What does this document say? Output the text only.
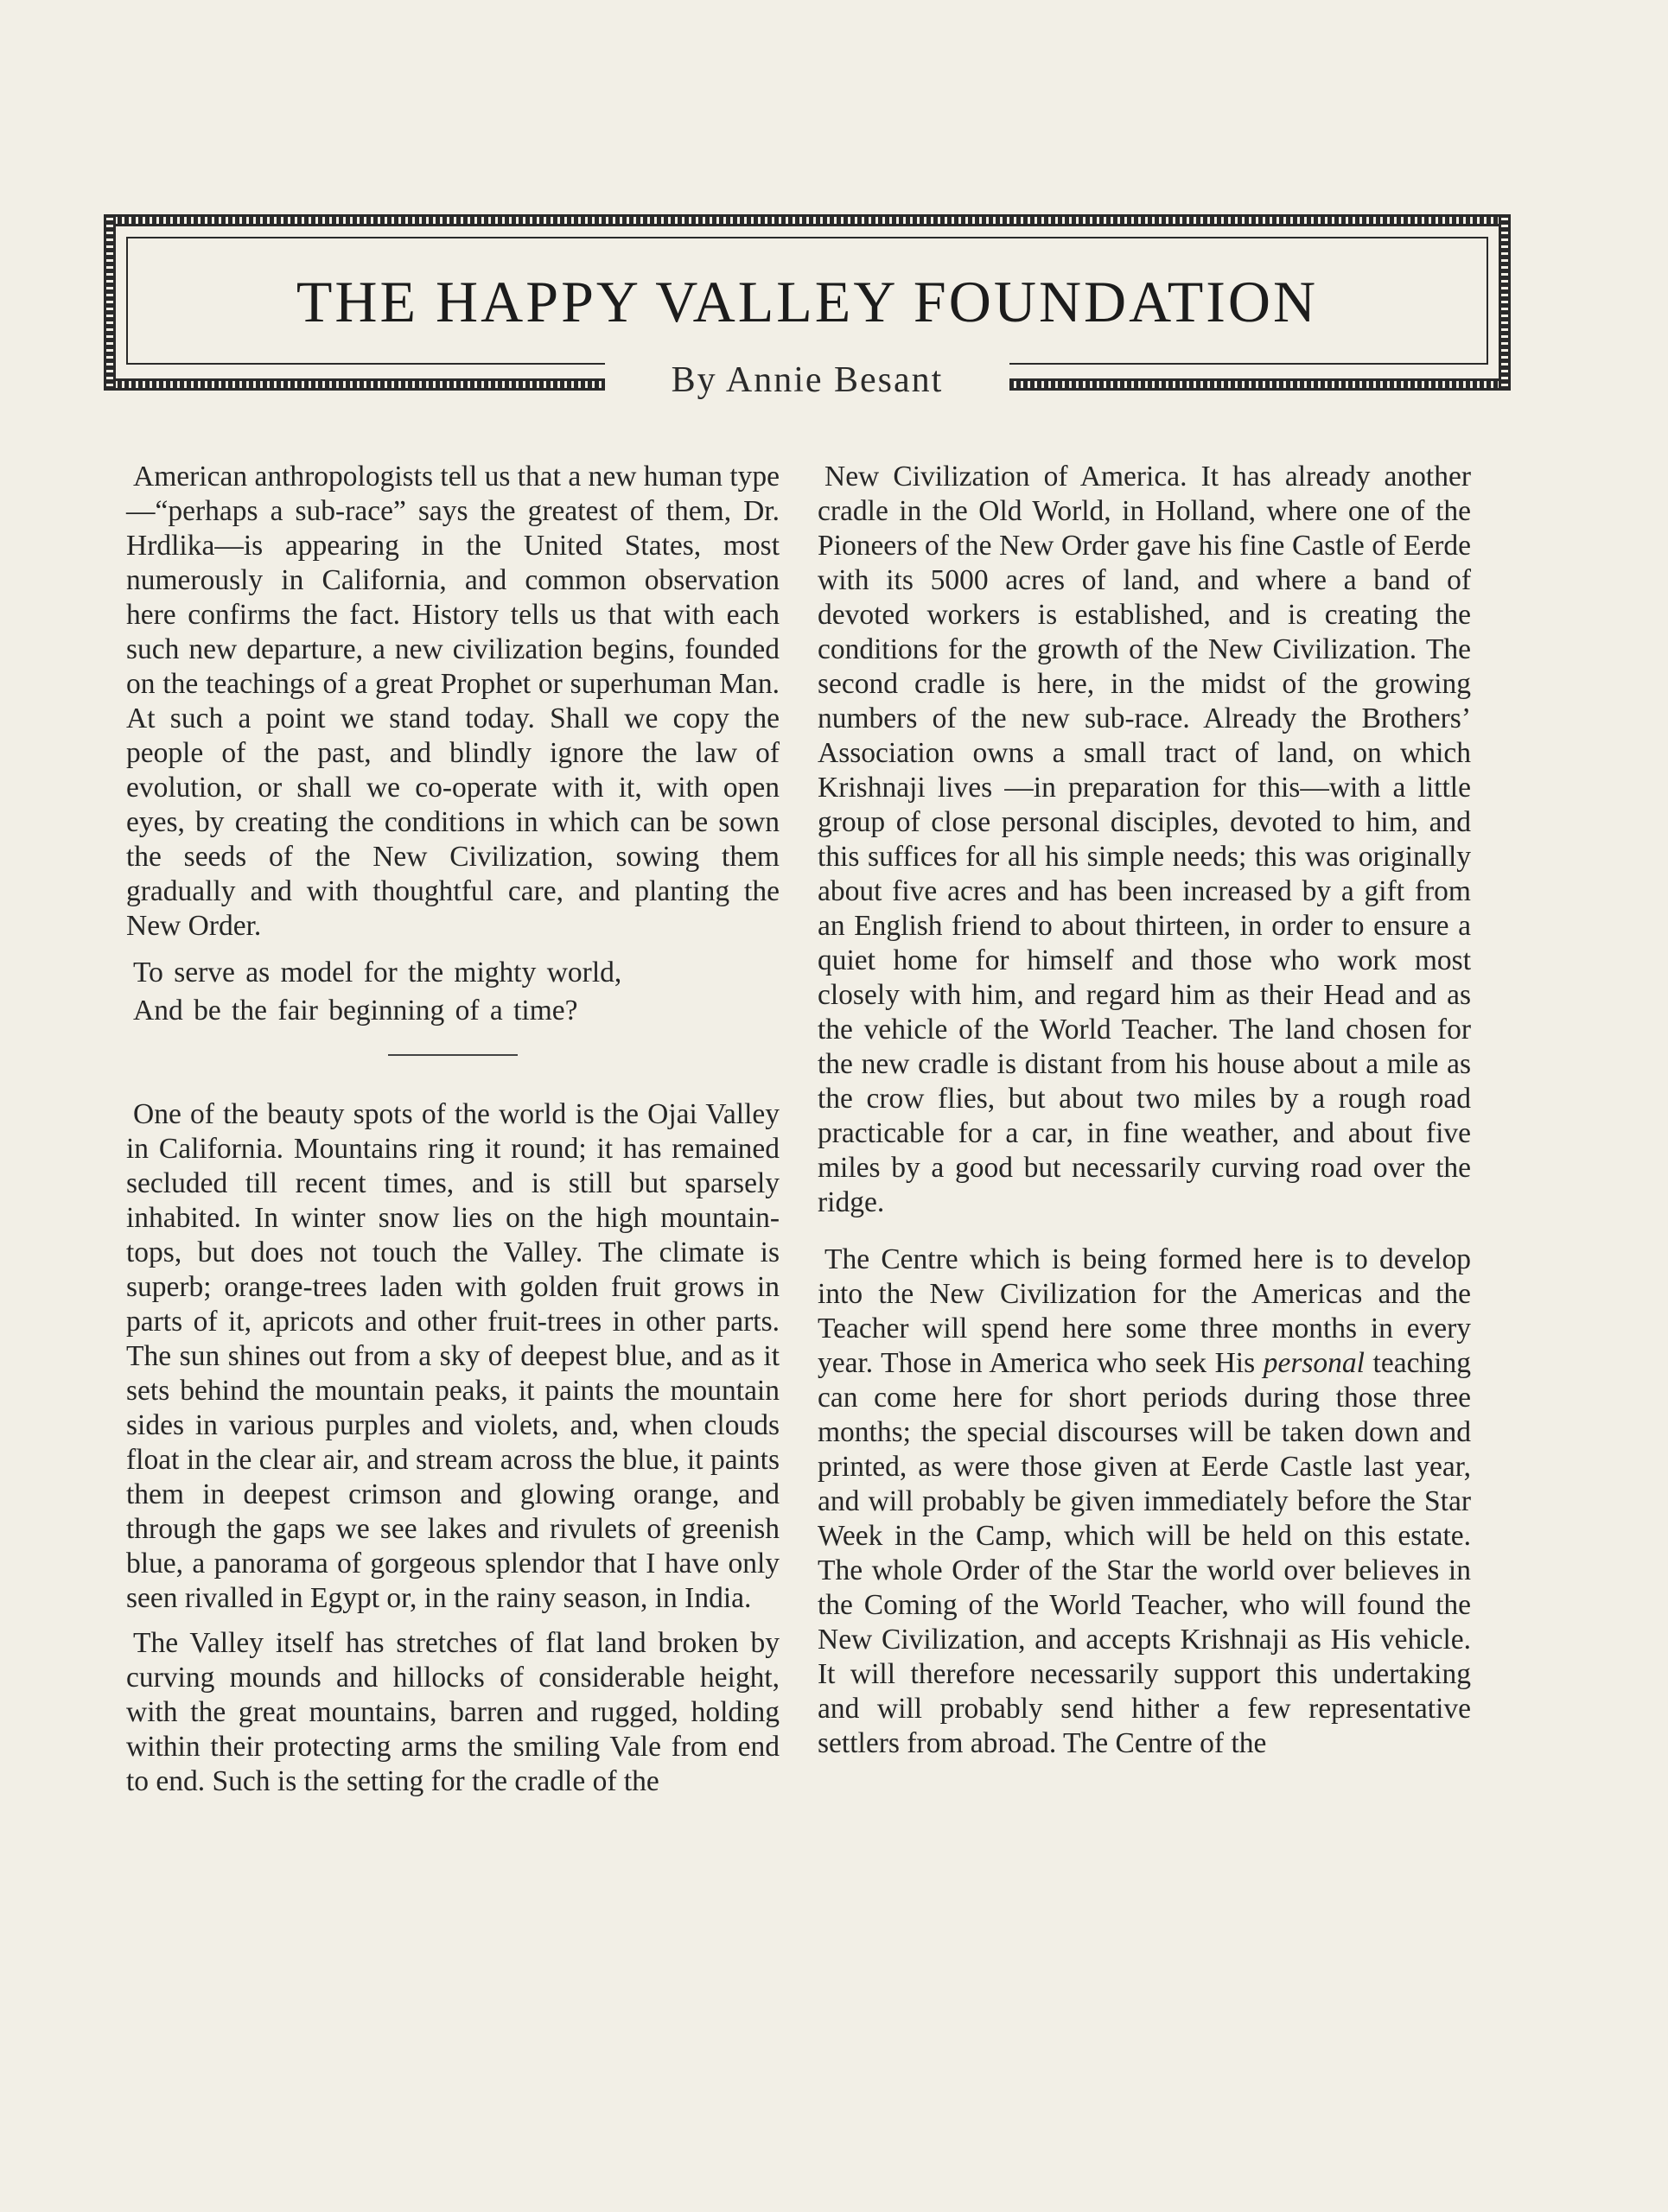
THE HAPPY VALLEY FOUNDATION
By Annie Besant

American anthropologists tell us that a new human type—“perhaps a sub-race” says the greatest of them, Dr. Hrdlika—is appearing in the United States, most numerously in California, and common observation here confirms the fact. History tells us that with each such new departure, a new civilization begins, founded on the teachings of a great Prophet or superhuman Man. At such a point we stand today. Shall we copy the people of the past, and blindly ignore the law of evolution, or shall we co-operate with it, with open eyes, by creating the conditions in which can be sown the seeds of the New Civilization, sowing them gradually and with thoughtful care, and planting the New Order.

To serve as model for the mighty world,
And be the fair beginning of a time?

One of the beauty spots of the world is the Ojai Valley in California. Mountains ring it round; it has remained secluded till recent times, and is still but sparsely inhabited. In winter snow lies on the high mountain-tops, but does not touch the Valley. The climate is superb; orange-trees laden with golden fruit grows in parts of it, apricots and other fruit-trees in other parts. The sun shines out from a sky of deepest blue, and as it sets behind the mountain peaks, it paints the mountain sides in various purples and violets, and, when clouds float in the clear air, and stream across the blue, it paints them in deepest crimson and glowing orange, and through the gaps we see lakes and rivulets of greenish blue, a panorama of gorgeous splendor that I have only seen rivalled in Egypt or, in the rainy season, in India.

The Valley itself has stretches of flat land broken by curving mounds and hillocks of considerable height, with the great mountains, barren and rugged, holding within their protecting arms the smiling Vale from end to end. Such is the setting for the cradle of the

New Civilization of America. It has already another cradle in the Old World, in Holland, where one of the Pioneers of the New Order gave his fine Castle of Eerde with its 5000 acres of land, and where a band of devoted workers is established, and is creating the conditions for the growth of the New Civilization. The second cradle is here, in the midst of the growing numbers of the new sub-race. Already the Brothers’ Association owns a small tract of land, on which Krishnaji lives —in preparation for this—with a little group of close personal disciples, devoted to him, and this suffices for all his simple needs; this was originally about five acres and has been increased by a gift from an English friend to about thirteen, in order to ensure a quiet home for himself and those who work most closely with him, and regard him as their Head and as the vehicle of the World Teacher. The land chosen for the new cradle is distant from his house about a mile as the crow flies, but about two miles by a rough road practicable for a car, in fine weather, and about five miles by a good but necessarily curving road over the ridge.

The Centre which is being formed here is to develop into the New Civilization for the Americas and the Teacher will spend here some three months in every year. Those in America who seek His personal teaching can come here for short periods during those three months; the special discourses will be taken down and printed, as were those given at Eerde Castle last year, and will probably be given immediately before the Star Week in the Camp, which will be held on this estate. The whole Order of the Star the world over believes in the Coming of the World Teacher, who will found the New Civilization, and accepts Krishnaji as His vehicle. It will therefore necessarily support this undertaking and will probably send hither a few representative settlers from abroad. The Centre of the
